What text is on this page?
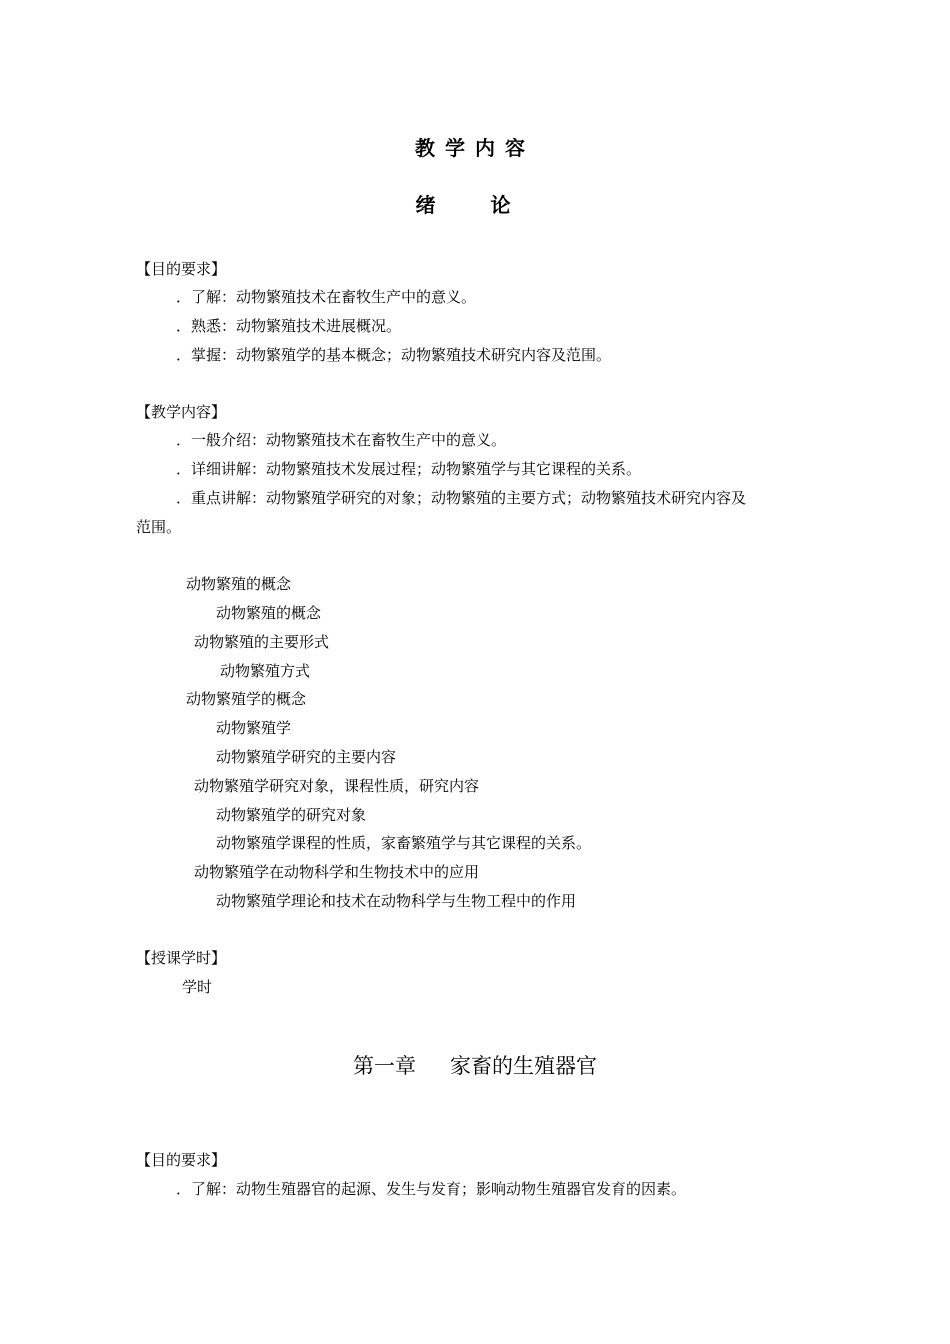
教学内容
绪 论
【目的要求】
．了解：动物繁殖技术在畜牧生产中的意义。
．熟悉：动物繁殖技术进展概况。
．掌握：动物繁殖学的基本概念；动物繁殖技术研究内容及范围。
【教学内容】
．一般介绍：动物繁殖技术在畜牧生产中的意义。
．详细讲解：动物繁殖技术发展过程；动物繁殖学与其它课程的关系。
．重点讲解：动物繁殖学研究的对象；动物繁殖的主要方式；动物繁殖技术研究内容及
范围。
动物繁殖的概念
动物繁殖的概念
动物繁殖的主要形式
动物繁殖方式
动物繁殖学的概念
动物繁殖学
动物繁殖学研究的主要内容
动物繁殖学研究对象，课程性质，研究内容
动物繁殖学的研究对象
动物繁殖学课程的性质，家畜繁殖学与其它课程的关系。
动物繁殖学在动物科学和生物技术中的应用
动物繁殖学理论和技术在动物科学与生物工程中的作用
【授课学时】
学时
第一章 家畜的生殖器官
【目的要求】
．了解：动物生殖器官的起源、发生与发育；影响动物生殖器官发育的因素。
